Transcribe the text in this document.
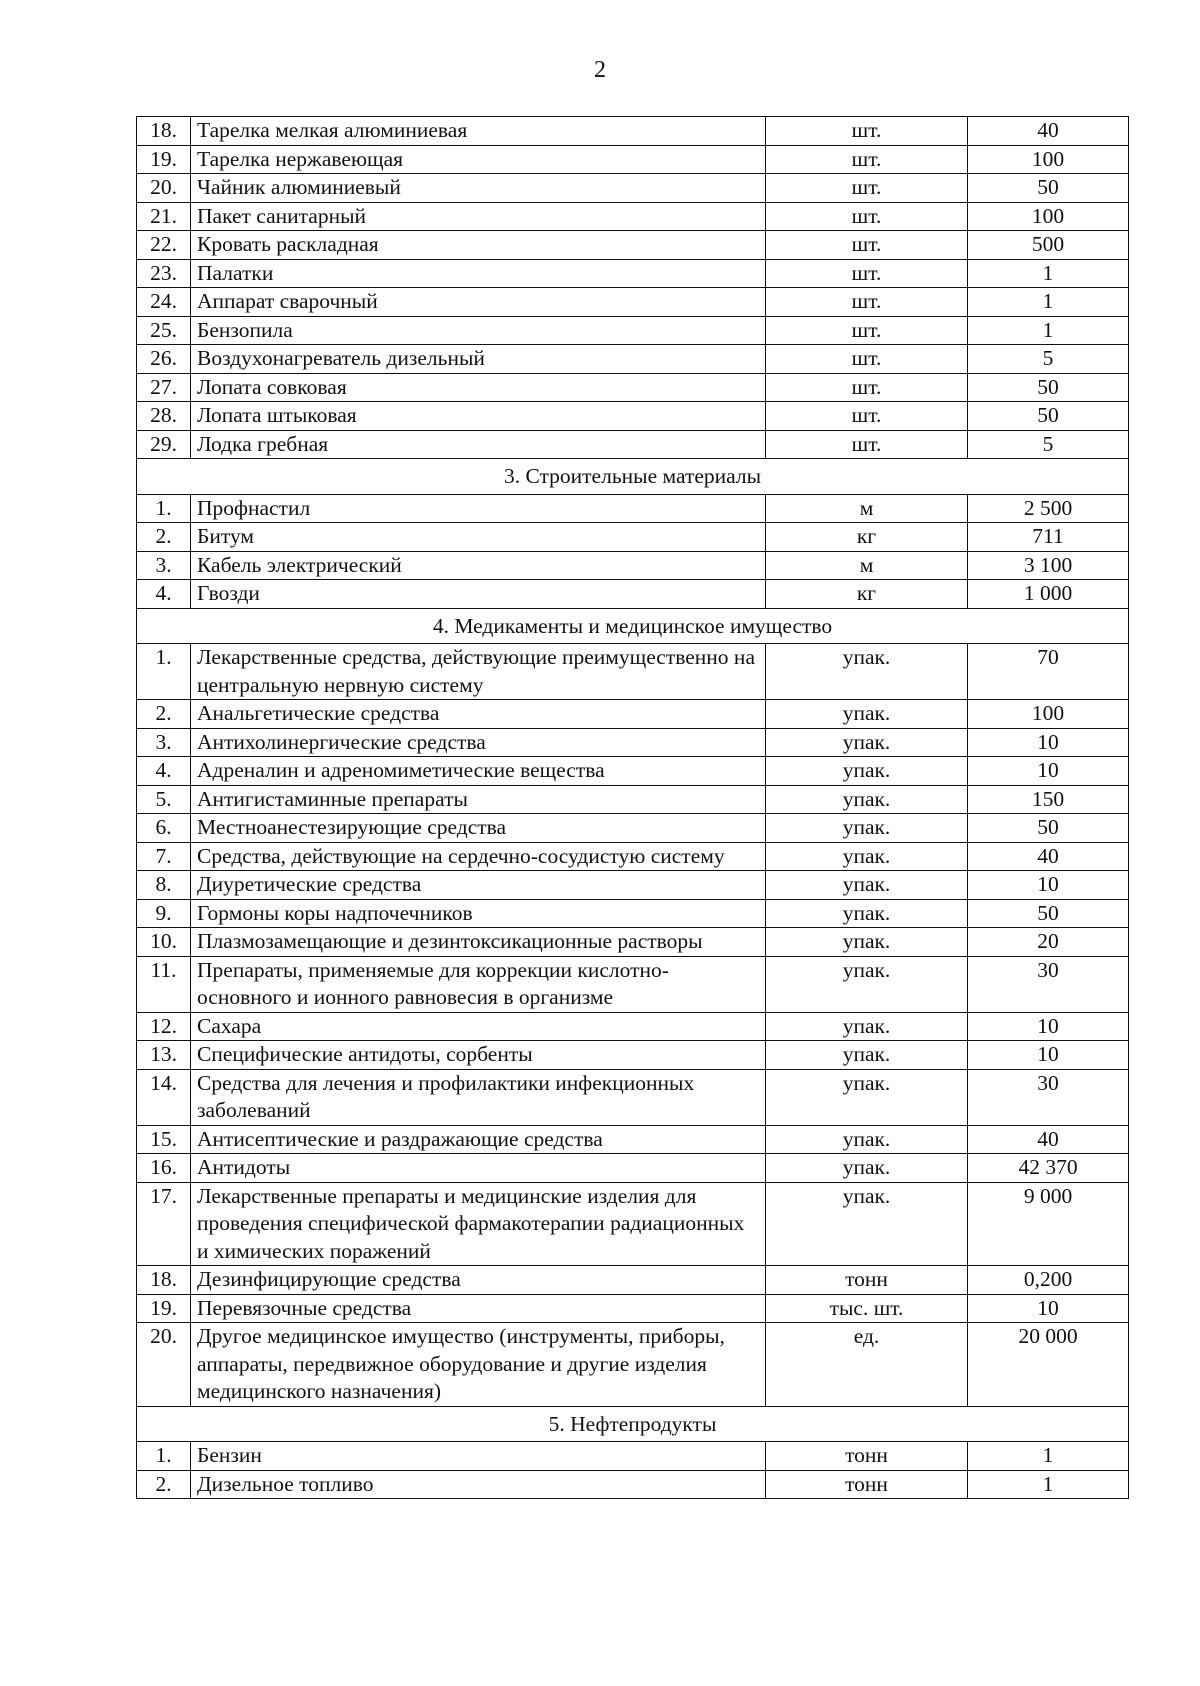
2
18.	Тарелка мелкая алюминиевая	шт.	40
19.	Тарелка нержавеющая	шт.	100
20.	Чайник алюминиевый	шт.	50
21.	Пакет санитарный	шт.	100
22.	Кровать раскладная	шт.	500
23.	Палатки	шт.	1
24.	Аппарат сварочный	шт.	1
25.	Бензопила	шт.	1
26.	Воздухонагреватель дизельный	шт.	5
27.	Лопата совковая	шт.	50
28.	Лопата штыковая	шт.	50
29.	Лодка гребная	шт.	5
3. Строительные материалы			
1.	Профнастил	м	2 500
2.	Битум	кг	711
3.	Кабель электрический	м	3 100
4.	Гвозди	кг	1 000
4. Медикаменты и медицинское имущество			
1.	Лекарственные средства, действующие преимущественно на центральную нервную систему	упак.	70
2.	Анальгетические средства	упак.	100
3.	Антихолинергические средства	упак.	10
4.	Адреналин и адреномиметические вещества	упак.	10
5.	Антигистаминные препараты	упак.	150
6.	Местноанестезирующие средства	упак.	50
7.	Средства, действующие на сердечно-сосудистую систему	упак.	40
8.	Диуретические средства	упак.	10
9.	Гормоны коры надпочечников	упак.	50
10.	Плазмозамещающие и дезинтоксикационные растворы	упак.	20
11.	Препараты, применяемые для коррекции кислотно-основного и ионного равновесия в организме	упак.	30
12.	Сахара	упак.	10
13.	Специфические антидоты, сорбенты	упак.	10
14.	Средства для лечения и профилактики инфекционных заболеваний	упак.	30
15.	Антисептические и раздражающие средства	упак.	40
16.	Антидоты	упак.	42 370
17.	Лекарственные препараты и медицинские изделия для проведения специфической фармакотерапии радиационных и химических поражений	упак.	9 000
18.	Дезинфицирующие средства	тонн	0,200
19.	Перевязочные средства	тыс. шт.	10
20.	Другое медицинское имущество (инструменты, приборы, аппараты, передвижное оборудование и другие изделия медицинского назначения)	ед.	20 000
5. Нефтепродукты			
1.	Бензин	тонн	1
2.	Дизельное топливо	тонн	1
